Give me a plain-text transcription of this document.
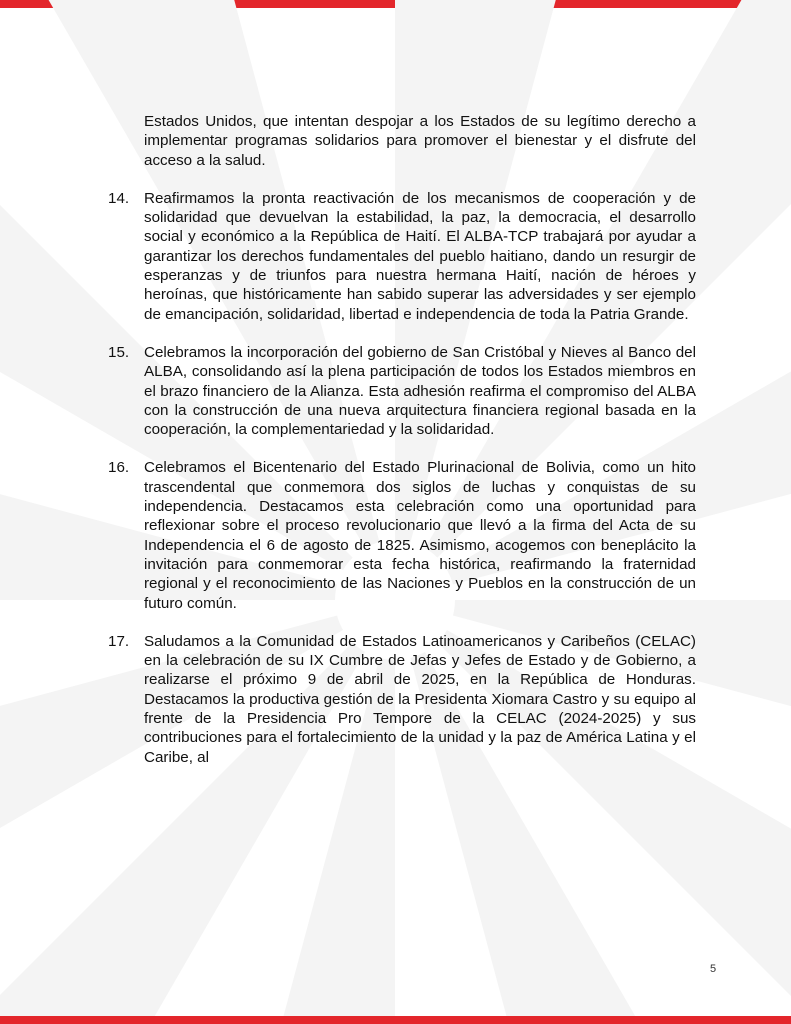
Estados Unidos, que intentan despojar a los Estados de su legítimo derecho a implementar programas solidarios para promover el bienestar y el disfrute del acceso a la salud.

14. Reafirmamos la pronta reactivación de los mecanismos de cooperación y de solidaridad que devuelvan la estabilidad, la paz, la democracia, el desarrollo social y económico a la República de Haití. El ALBA-TCP trabajará por ayudar a garantizar los derechos fundamentales del pueblo haitiano, dando un resurgir de esperanzas y de triunfos para nuestra hermana Haití, nación de héroes y heroínas, que históricamente han sabido superar las adversidades y ser ejemplo de emancipación, solidaridad, libertad e independencia de toda la Patria Grande.
15. Celebramos la incorporación del gobierno de San Cristóbal y Nieves al Banco del ALBA, consolidando así la plena participación de todos los Estados miembros en el brazo financiero de la Alianza. Esta adhesión reafirma el compromiso del ALBA con la construcción de una nueva arquitectura financiera regional basada en la cooperación, la complementariedad y la solidaridad.
16. Celebramos el Bicentenario del Estado Plurinacional de Bolivia, como un hito trascendental que conmemora dos siglos de luchas y conquistas de su independencia. Destacamos esta celebración como una oportunidad para reflexionar sobre el proceso revolucionario que llevó a la firma del Acta de su Independencia el 6 de agosto de 1825. Asimismo, acogemos con beneplácito la invitación para conmemorar esta fecha histórica, reafirmando la fraternidad regional y el reconocimiento de las Naciones y Pueblos en la construcción de un futuro común.
17. Saludamos a la Comunidad de Estados Latinoamericanos y Caribeños (CELAC) en la celebración de su IX Cumbre de Jefas y Jefes de Estado y de Gobierno, a realizarse el próximo 9 de abril de 2025, en la República de Honduras. Destacamos la productiva gestión de la Presidenta Xiomara Castro y su equipo al frente de la Presidencia Pro Tempore de la CELAC (2024-2025) y sus contribuciones para el fortalecimiento de la unidad y la paz de América Latina y el Caribe, al
5
